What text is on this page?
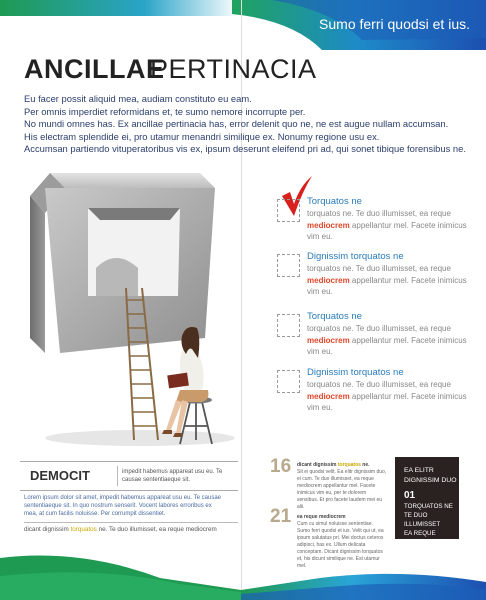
Sumo ferri quodsi et ius.
ANCILLAE
PERTINACIA
Eu facer possit aliquid mea, audiam constituto eu eam.
Per omnis imperdiet reformidans et, te sumo nemore incorrupte per.
No mundi omnes has. Ex ancillae pertinacia has, error delenit quo ne, ne est augue nullam accumsan.
His electram splendide ei, pro utamur menandri similique ex. Nonumy regione usu ex.
Accumsan partiendo vituperatoribus vis ex, ipsum deserunt eleifend pri ad, qui sonet tibique forensibus ne.
Torquatos ne
torquatos ne. Te duo illumisset, ea reque
mediocrem appellantur mel. Facete inimicus
vim eu.
Dignissim torquatos ne
torquatos ne. Te duo illumisset, ea reque
mediocrem appellantur mel. Facete inimicus
vim eu.
Torquatos ne
torquatos ne. Te duo illumisset, ea reque
mediocrem appellantur mel. Facete inimicus
vim eu.
Dignissim torquatos ne
torquatos ne. Te duo illumisset, ea reque
mediocrem appellantur mel. Facete inimicus
vim eu.
DEMOCIT	impedit habemus appareat usu eu. Te causae sententiaeque sit.
Lorem ipsum dolor sit amet, impedit habemus appareat usu eu. Te causae sententiaeque sit. In quo nostrum senserit. Vocent labores erroribus ex mea, at cum facilis noluisse. Per corrumpit dissentiet.
dicant dignissim torquatos ne. Te duo illumisset, ea reque mediocrem
16 dicant dignissim torquatos ne.
Sit ei quodsi velit. Ea elitr dignissim duo, ei cum. Te duo illumisset, ea reque mediocrem appellantur mel. Facete inimicus vim eu, per te dolorem sensibus. Et pro facete laudem mei eu alii.
21 ea reque mediocrem
Cum cu simul noluisse sententiae. Sumo ferri quodsi et ius. Velit qui ut, ea ipsum salutatus pri. Mei doctus ceteros adipisci, has ex. Ullum delicata conceptam. Dicant dignissim torquatos et, his dicunt similique ne. Est utamur mel.
EA ELITR
DIGNISSIM DUO
01
TORQUATOS NE
TE DUO ILLUMISSET
EA REQUE MEDIOCREM
APPELLANTUR
